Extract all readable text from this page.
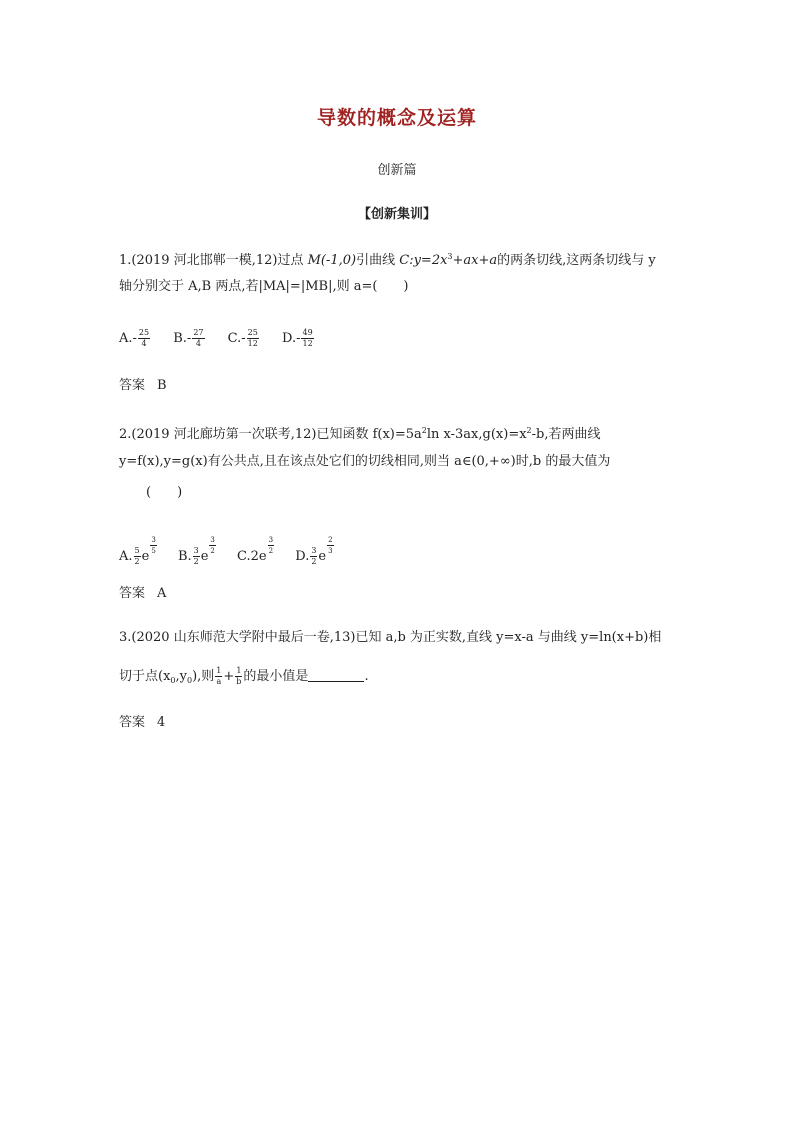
导数的概念及运算
创新篇
【创新集训】
1.(2019 河北邯郸一模,12)过点 M(-1,0)引曲线 $C:y=2x^3+ax+a$的两条切线,这两条切线与 y
轴分别交于 A,B 两点,若|MA|=|MB|,则 a=(　　)
$A.- \frac{25}{4} B.- \frac{27}{4} C.- \frac{25}{12} D.- \frac{49}{12}$
答案 B
2.(2019 河北廊坊第一次联考,12)已知函数 $f(x)=5a^2\ln$ $x-3ax,g(x)=x^2-b$,若两曲线
y=f(x),y=g(x)有公共点,且在该点处它们的切线相同,则当 a∈(0,+∞)时,b 的最大值为
(　　)
A. $\frac{5}{2}$ e
$\frac{3}{5}$
B. $\frac{3}{2}$ e
$\frac{3}{2}$
C.2e
$\frac{3}{2}$
D. $\frac{3}{2}$ e
$\frac{2}{3}$
答案 A
3.(2020 山东师范大学附中最后一卷,13)已知 a,b 为正实数,直线 y=x-a 与曲线 y=ln(x+b)相
切于点$(x_0,y_0)$,则 $\frac{1}{a} + \frac{1}{b}$ 的最小值是	.
答案 4
